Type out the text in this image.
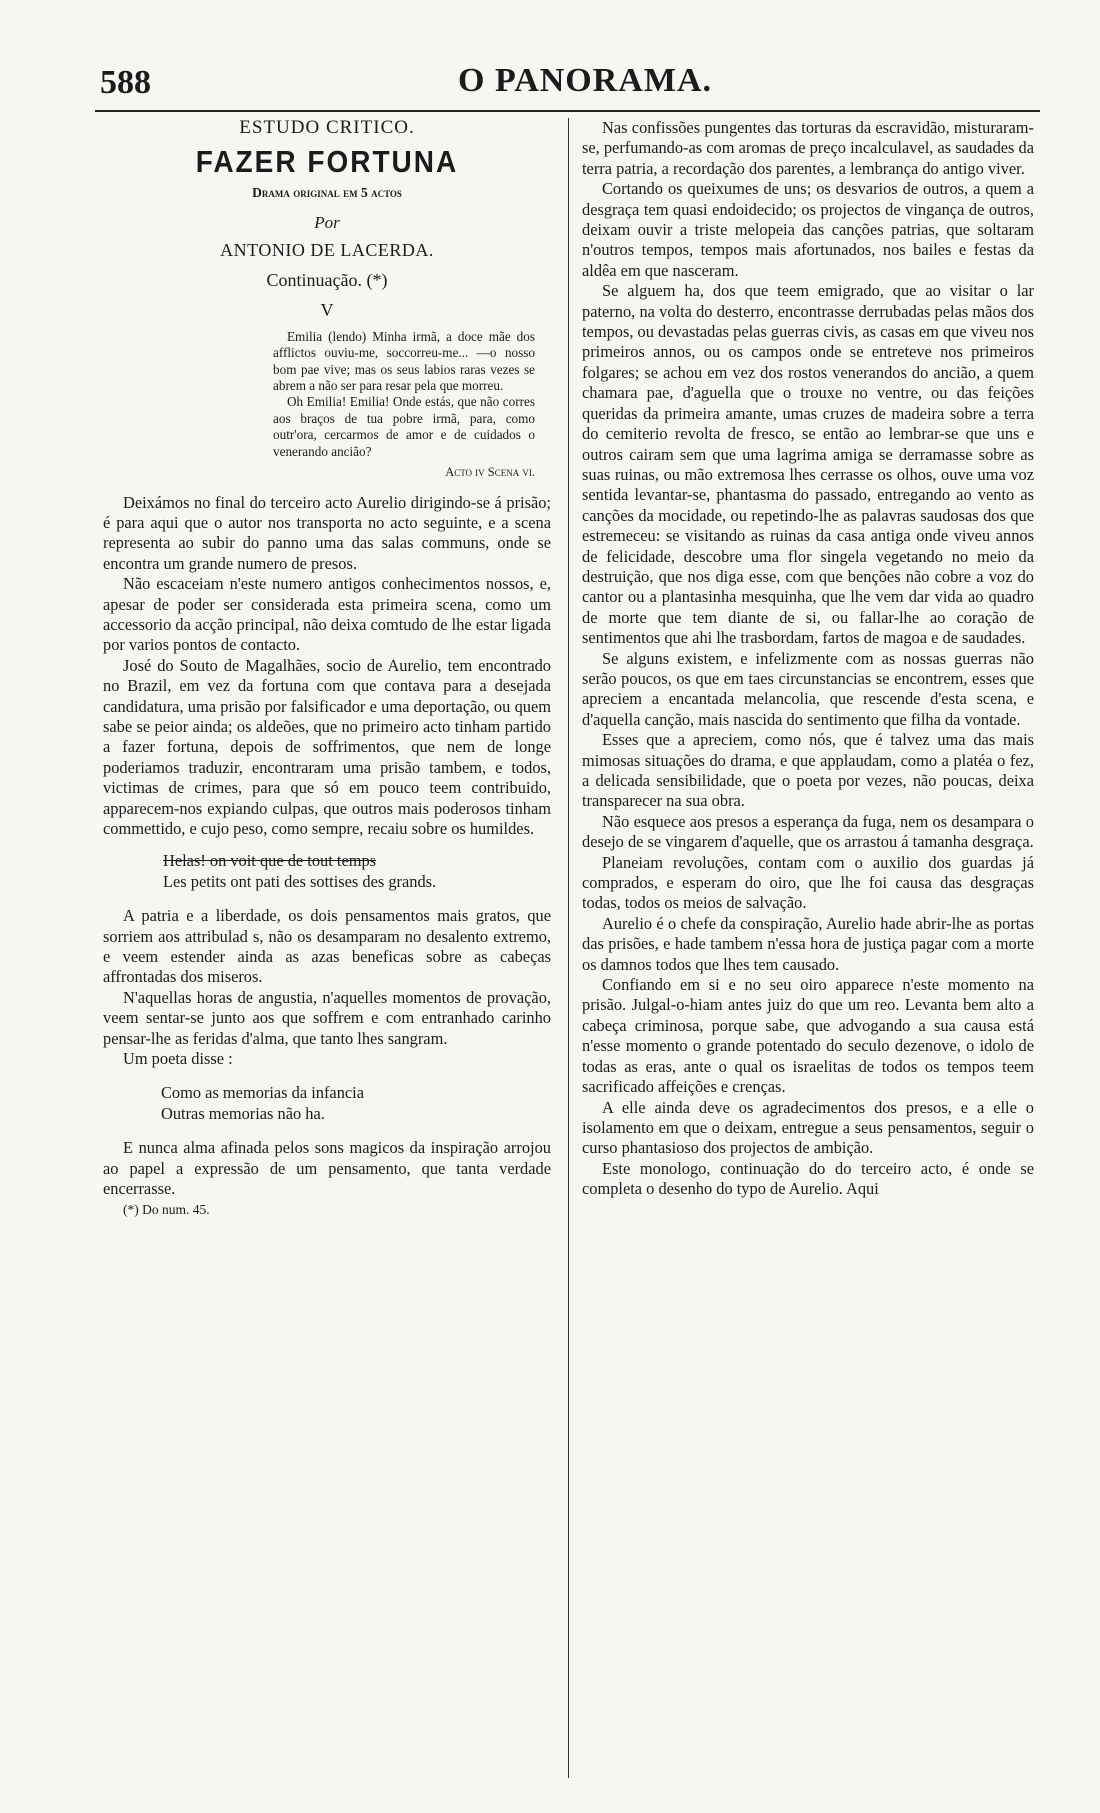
588	O PANORAMA.
ESTUDO CRITICO.
FAZER FORTUNA
Drama original em 5 actos
Por
ANTONIO DE LACERDA.
Continuação. (*)
V

Emilia (lendo) Minha irmã, a doce mãe dos afflictos ouviu-me, soccorreu-me... —o nosso bom pae vive; mas os seus labios raras vezes se abrem a não ser para resar pela que morreu.

Oh Emilia! Emilia! Onde estás, que não corres aos braços de tua pobre irmã, para, como outr'ora, cercarmos de amor e de cuidados o venerando ancião?

Acto iv Scena vi.

Deixámos no final do terceiro acto Aurelio dirigindo-se á prisão; é para aqui que o autor nos transporta no acto seguinte, e a scena representa ao subir do panno uma das salas communs, onde se encontra um grande numero de presos.

Não escaceiam n'este numero antigos conhecimentos nossos, e, apesar de poder ser considerada esta primeira scena, como um accessorio da acção principal, não deixa comtudo de lhe estar ligada por varios pontos de contacto.

José do Souto de Magalhães, socio de Aurelio, tem encontrado no Brazil, em vez da fortuna com que contava para a desejada candidatura, uma prisão por falsificador e uma deportação, ou quem sabe se peior ainda; os aldeões, que no primeiro acto tinham partido a fazer fortuna, depois de soffrimentos, que nem de longe poderiamos traduzir, encontraram uma prisão tambem, e todos, victimas de crimes, para que só em pouco teem contribuido, apparecem-nos expiando culpas, que outros mais poderosos tinham commettido, e cujo peso, como sempre, recaiu sobre os humildes.

Helas! on voit que de tout temps
Les petits ont pati des sottises des grands.

A patria e a liberdade, os dois pensamentos mais gratos, que sorriem aos attribulad s, não os desamparam no desalento extremo, e veem estender ainda as azas beneficas sobre as cabeças affrontadas dos miseros.

N'aquellas horas de angustia, n'aquelles momentos de provação, veem sentar-se junto aos que soffrem e com entranhado carinho pensar-lhe as feridas d'alma, que tanto lhes sangram.

Um poeta disse :

Como as memorias da infancia
Outras memorias não ha.

E nunca alma afinada pelos sons magicos da inspiração arrojou ao papel a expressão de um pensamento, que tanta verdade encerrasse.

(*) Do num. 45.

Nas confissões pungentes das torturas da escravidão, misturaram-se, perfumando-as com aromas de preço incalculavel, as saudades da terra patria, a recordação dos parentes, a lembrança do antigo viver.

Cortando os queixumes de uns; os desvarios de outros, a quem a desgraça tem quasi endoidecido; os projectos de vingança de outros, deixam ouvir a triste melopeia das canções patrias, que soltaram n'outros tempos, tempos mais afortunados, nos bailes e festas da aldêa em que nasceram.

Se alguem ha, dos que teem emigrado, que ao visitar o lar paterno, na volta do desterro, encontrasse derrubadas pelas mãos dos tempos, ou devastadas pelas guerras civis, as casas em que viveu nos primeiros annos, ou os campos onde se entreteve nos primeiros folgares; se achou em vez dos rostos venerandos do ancião, a quem chamara pae, d'aguella que o trouxe no ventre, ou das feições queridas da primeira amante, umas cruzes de madeira sobre a terra do cemiterio revolta de fresco, se então ao lembrar-se que uns e outros cairam sem que uma lagrima amiga se derramasse sobre as suas ruinas, ou mão extremosa lhes cerrasse os olhos, ouve uma voz sentida levantar-se, phantasma do passado, entregando ao vento as canções da mocidade, ou repetindo-lhe as palavras saudosas dos que estremeceu: se visitando as ruinas da casa antiga onde viveu annos de felicidade, descobre uma flor singela vegetando no meio da destruição, que nos diga esse, com que benções não cobre a voz do cantor ou a plantasinha mesquinha, que lhe vem dar vida ao quadro de morte que tem diante de si, ou fallar-lhe ao coração de sentimentos que ahi lhe trasbordam, fartos de magoa e de saudades.

Se alguns existem, e infelizmente com as nossas guerras não serão poucos, os que em taes circunstancias se encontrem, esses que apreciem a encantada melancolia, que rescende d'esta scena, e d'aquella canção, mais nascida do sentimento que filha da vontade.

Esses que a apreciem, como nós, que é talvez uma das mais mimosas situações do drama, e que applaudam, como a platéa o fez, a delicada sensibilidade, que o poeta por vezes, não poucas, deixa transparecer na sua obra.

Não esquece aos presos a esperança da fuga, nem os desampara o desejo de se vingarem d'aquelle, que os arrastou á tamanha desgraça.

Planeiam revoluções, contam com o auxilio dos guardas já comprados, e esperam do oiro, que lhe foi causa das desgraças todas, todos os meios de salvação.

Aurelio é o chefe da conspiração, Aurelio hade abrir-lhe as portas das prisões, e hade tambem n'essa hora de justiça pagar com a morte os damnos todos que lhes tem causado.

Confiando em si e no seu oiro apparece n'este momento na prisão. Julgal-o-hiam antes juiz do que um reo. Levanta bem alto a cabeça criminosa, porque sabe, que advogando a sua causa está n'esse momento o grande potentado do seculo dezenove, o idolo de todas as eras, ante o qual os israelitas de todos os tempos teem sacrificado affeições e crenças.

A elle ainda deve os agradecimentos dos presos, e a elle o isolamento em que o deixam, entregue a seus pensamentos, seguir o curso phantasioso dos projectos de ambição.

Este monologo, continuação do do terceiro acto, é onde se completa o desenho do typo de Aurelio. Aqui
